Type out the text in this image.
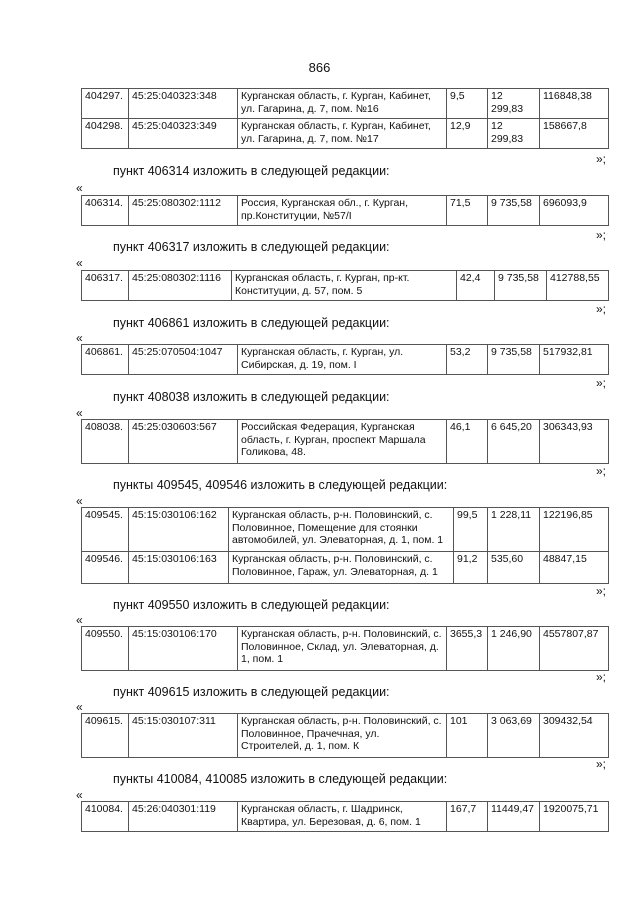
866
404297.	45:25:040323:348	Курганская область, г. Курган, Кабинет, ул. Гагарина, д. 7, пом. №16	9,5	12 299,83	116848,38
404298.	45:25:040323:349	Курганская область, г. Курган, Кабинет, ул. Гагарина, д. 7, пом. №17	12,9	12 299,83	158667,8
»;
пункт 406314 изложить в следующей редакции:
«
406314.	45:25:080302:1112	Россия, Курганская обл., г. Курган, пр.Конституции, №57/I	71,5	9 735,58	696093,9
»;
пункт 406317 изложить в следующей редакции:
«
406317.	45:25:080302:1116	Курганская область, г. Курган, пр-кт. Конституции, д. 57, пом. 5	42,4	9 735,58	412788,55
»;
пункт 406861 изложить в следующей редакции:
«
406861.	45:25:070504:1047	Курганская область, г. Курган, ул. Сибирская, д. 19, пом. I	53,2	9 735,58	517932,81
»;
пункт 408038 изложить в следующей редакции:
«
408038.	45:25:030603:567	Российская Федерация, Курганская область, г. Курган, проспект Маршала Голикова, 48.	46,1	6 645,20	306343,93
»;
пункты 409545, 409546 изложить в следующей редакции:
«
409545.	45:15:030106:162	Курганская область, р-н. Половинский, с. Половинное, Помещение для стоянки автомобилей, ул. Элеваторная, д. 1, пом. 1	99,5	1 228,11	122196,85
409546.	45:15:030106:163	Курганская область, р-н. Половинский, с. Половинное, Гараж, ул. Элеваторная, д. 1	91,2	535,60	48847,15
»;
пункт 409550 изложить в следующей редакции:
«
409550.	45:15:030106:170	Курганская область, р-н. Половинский, с. Половинное, Склад, ул. Элеваторная, д. 1, пом. 1	3655,3	1 246,90	4557807,87
»;
пункт 409615 изложить в следующей редакции:
«
409615.	45:15:030107:311	Курганская область, р-н. Половинский, с. Половинное, Прачечная, ул. Строителей, д. 1, пом. К	101	3 063,69	309432,54
»;
пункты 410084, 410085 изложить в следующей редакции:
«
410084.	45:26:040301:119	Курганская область, г. Шадринск, Квартира, ул. Березовая, д. 6, пом. 1	167,7	11449,47	1920075,71
